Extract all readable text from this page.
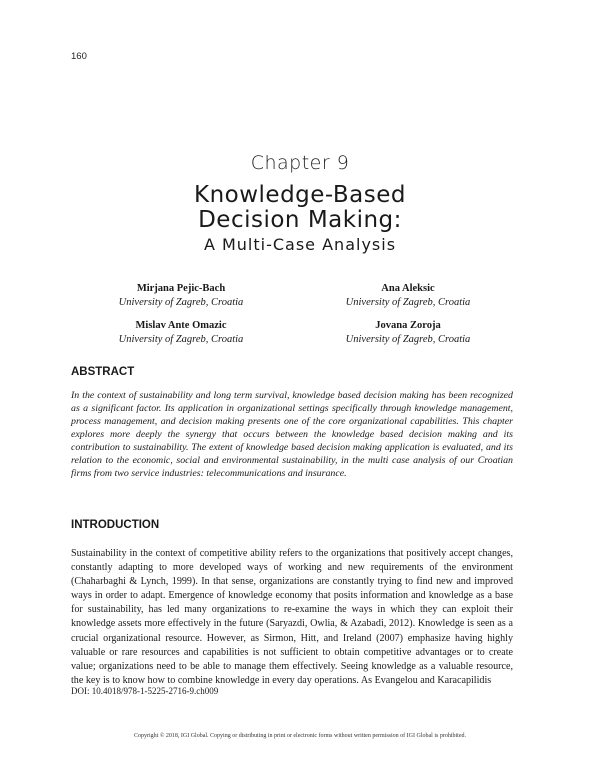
160
Chapter 9
Knowledge-Based
Decision Making:
A Multi-Case Analysis
Mirjana Pejic-Bach
University of Zagreb, Croatia
Ana Aleksic
University of Zagreb, Croatia
Mislav Ante Omazic
University of Zagreb, Croatia
Jovana Zoroja
University of Zagreb, Croatia
ABSTRACT
In the context of sustainability and long term survival, knowledge based decision making has been recognized as a significant factor. Its application in organizational settings specifically through knowledge management, process management, and decision making presents one of the core organizational capabilities. This chapter explores more deeply the synergy that occurs between the knowledge based decision making and its contribution to sustainability. The extent of knowledge based decision making application is evaluated, and its relation to the economic, social and environmental sustainability, in the multi case analysis of our Croatian firms from two service industries: telecommunications and insurance.
INTRODUCTION
Sustainability in the context of competitive ability refers to the organizations that positively accept changes, constantly adapting to more developed ways of working and new requirements of the environment (Chaharbaghi & Lynch, 1999). In that sense, organizations are constantly trying to find new and improved ways in order to adapt. Emergence of knowledge economy that posits information and knowledge as a base for sustainability, has led many organizations to re-examine the ways in which they can exploit their knowledge assets more effectively in the future (Saryazdi, Owlia, & Azabadi, 2012). Knowledge is seen as a crucial organizational resource. However, as Sirmon, Hitt, and Ireland (2007) emphasize having highly valuable or rare resources and capabilities is not sufficient to obtain competitive advantages or to create value; organizations need to be able to manage them effectively. Seeing knowledge as a valuable resource, the key is to know how to combine knowledge in every day operations. As Evangelou and Karacapilidis
DOI: 10.4018/978-1-5225-2716-9.ch009
Copyright © 2018, IGI Global. Copying or distributing in print or electronic forms without written permission of IGI Global is prohibited.
